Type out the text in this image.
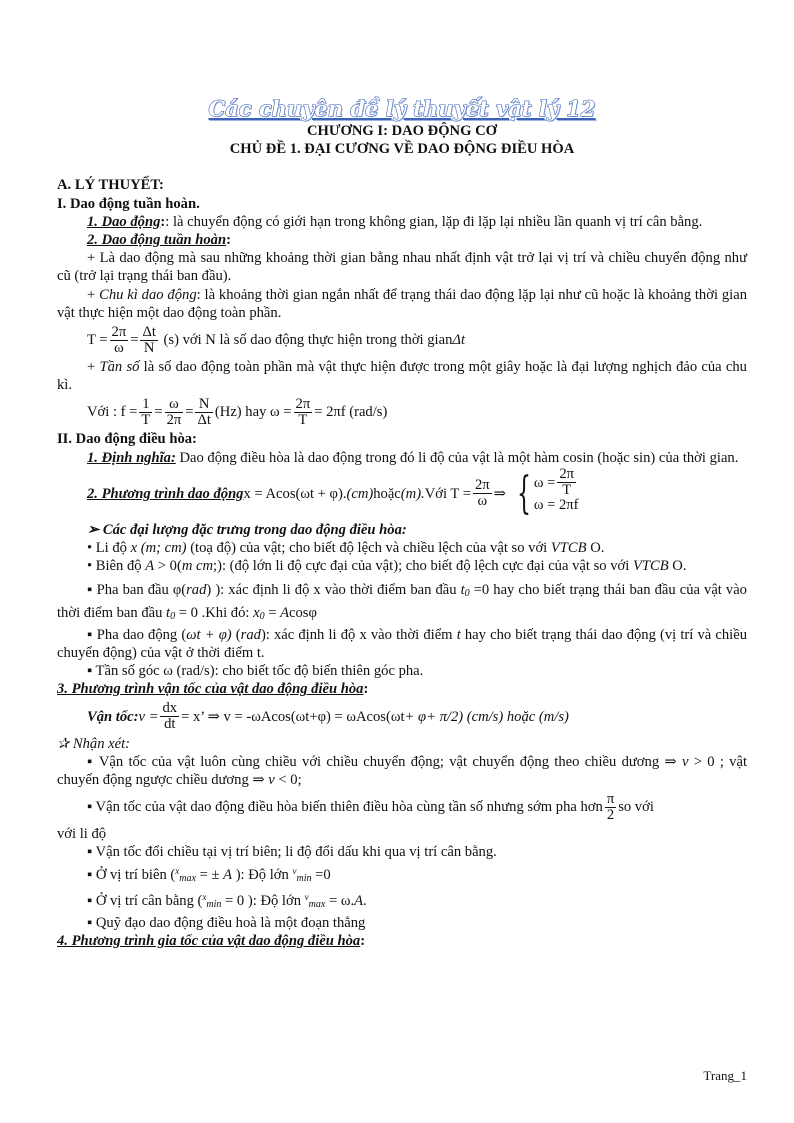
Các chuyên đề lý thuyết vật lý 12
CHƯƠNG I: DAO ĐỘNG CƠ
CHỦ ĐỀ 1. ĐẠI CƯƠNG VỀ DAO ĐỘNG ĐIỀU HÒA

A. LÝ THUYẾT:

I. Dao động tuần hoàn.

1. Dao động:: là chuyển động có giới hạn trong không gian, lặp đi lặp lại nhiều lần quanh vị trí cân bằng.

2. Dao động tuần hoàn:

+ Là dao động mà sau những khoảng thời gian bằng nhau nhất định vật trở lại vị trí và chiều chuyển động như cũ (trở lại trạng thái ban đầu).

+ Chu kì dao động: là khoảng thời gian ngắn nhất để trạng thái dao động lặp lại như cũ hoặc là khoảng thời gian vật thực hiện một dao động toàn phần.

$T = \frac{2\pi}{\omega} = \frac{\Delta t}{N}$
(s) với N là số dao động thực hiện trong thời gian Δt

+ Tần số là số dao động toàn phần mà vật thực hiện được trong một giây hoặc là đại lượng nghịch đảo của chu kì.

Với : $f = \frac{1}{T} = \frac{\omega}{2\pi} = \frac{N}{\Delta t} (Hz)$ hay $\omega = \frac{2\pi}{T} = 2\pi f$ (rad/s)

II. Dao động điều hòa:

1. Định nghĩa: Dao động điều hòa là dao động trong đó li độ của vật là một hàm cosin (hoặc sin) của thời gian.

2. Phương trình dao động x = Acos(ωt + φ). (cm) hoặc (m). Với $T = \frac{2\pi}{\omega}$ ⇒ { $\omega = \frac{2\pi}{T}$
ω = 2πf

➢ Các đại lượng đặc trưng trong dao động điều hòa:

• Li độ x (m; cm) (toạ độ) của vật; cho biết độ lệch và chiều lệch của vật so với VTCB O.

• Biên độ A > 0(m cm;): (độ lớn li độ cực đại của vật); cho biết độ lệch cực đại của vật so với VTCB O.

▪ Pha ban đầu φ(rad) ): xác định li độ x vào thời điểm ban đầu $t_0 =0$ hay cho biết trạng thái ban đầu của vật vào thời điểm ban đầu $t_0 = 0$ .Khi đó: $x_0 = Acos\varphi$

▪ Pha dao động (ωt + φ) (rad): xác định li độ x vào thời điểm t hay cho biết trạng thái dao động (vị trí và chiều chuyển động) của vật ở thời điểm t.

▪ Tần số góc ω (rad/s): cho biết tốc độ biến thiên góc pha.

3. Phương trình vận tốc của vật dao động điều hòa:

Vận tốc: $v = \frac{dx}{dt} = x$’ ⇒ v = -ωAcos(ωt+φ) = ωAcos(ωt + φ+ π/2) (cm/s) hoặc (m/s)

✰ Nhận xét:

▪ Vận tốc của vật luôn cùng chiều với chiều chuyển động; vật chuyển động theo chiều dương ⇒ v > 0 ; vật chuyển động ngược chiều dương ⇒ v < 0;

▪ Vận tốc của vật dao động điều hòa biến thiên điều hòa cùng tần số nhưng sớm pha hơn $\frac{\pi}{2}$ so với

với li độ

▪ Vận tốc đổi chiều tại vị trí biên; li độ đổi dấu khi qua vị trí cân bằng.

▪ Ở vị trí biên ($^x_{max}$ = ± A ): Độ lớn $^v_{min}$ =0

▪ Ở vị trí cân bằng ($^x_{min}$ = 0 ): Độ lớn $^v_{max}$ = ω.A.

▪ Quỹ đạo dao động điều hoà là một đoạn thẳng

4. Phương trình gia tốc của vật dao động điều hòa:

Trang_1
